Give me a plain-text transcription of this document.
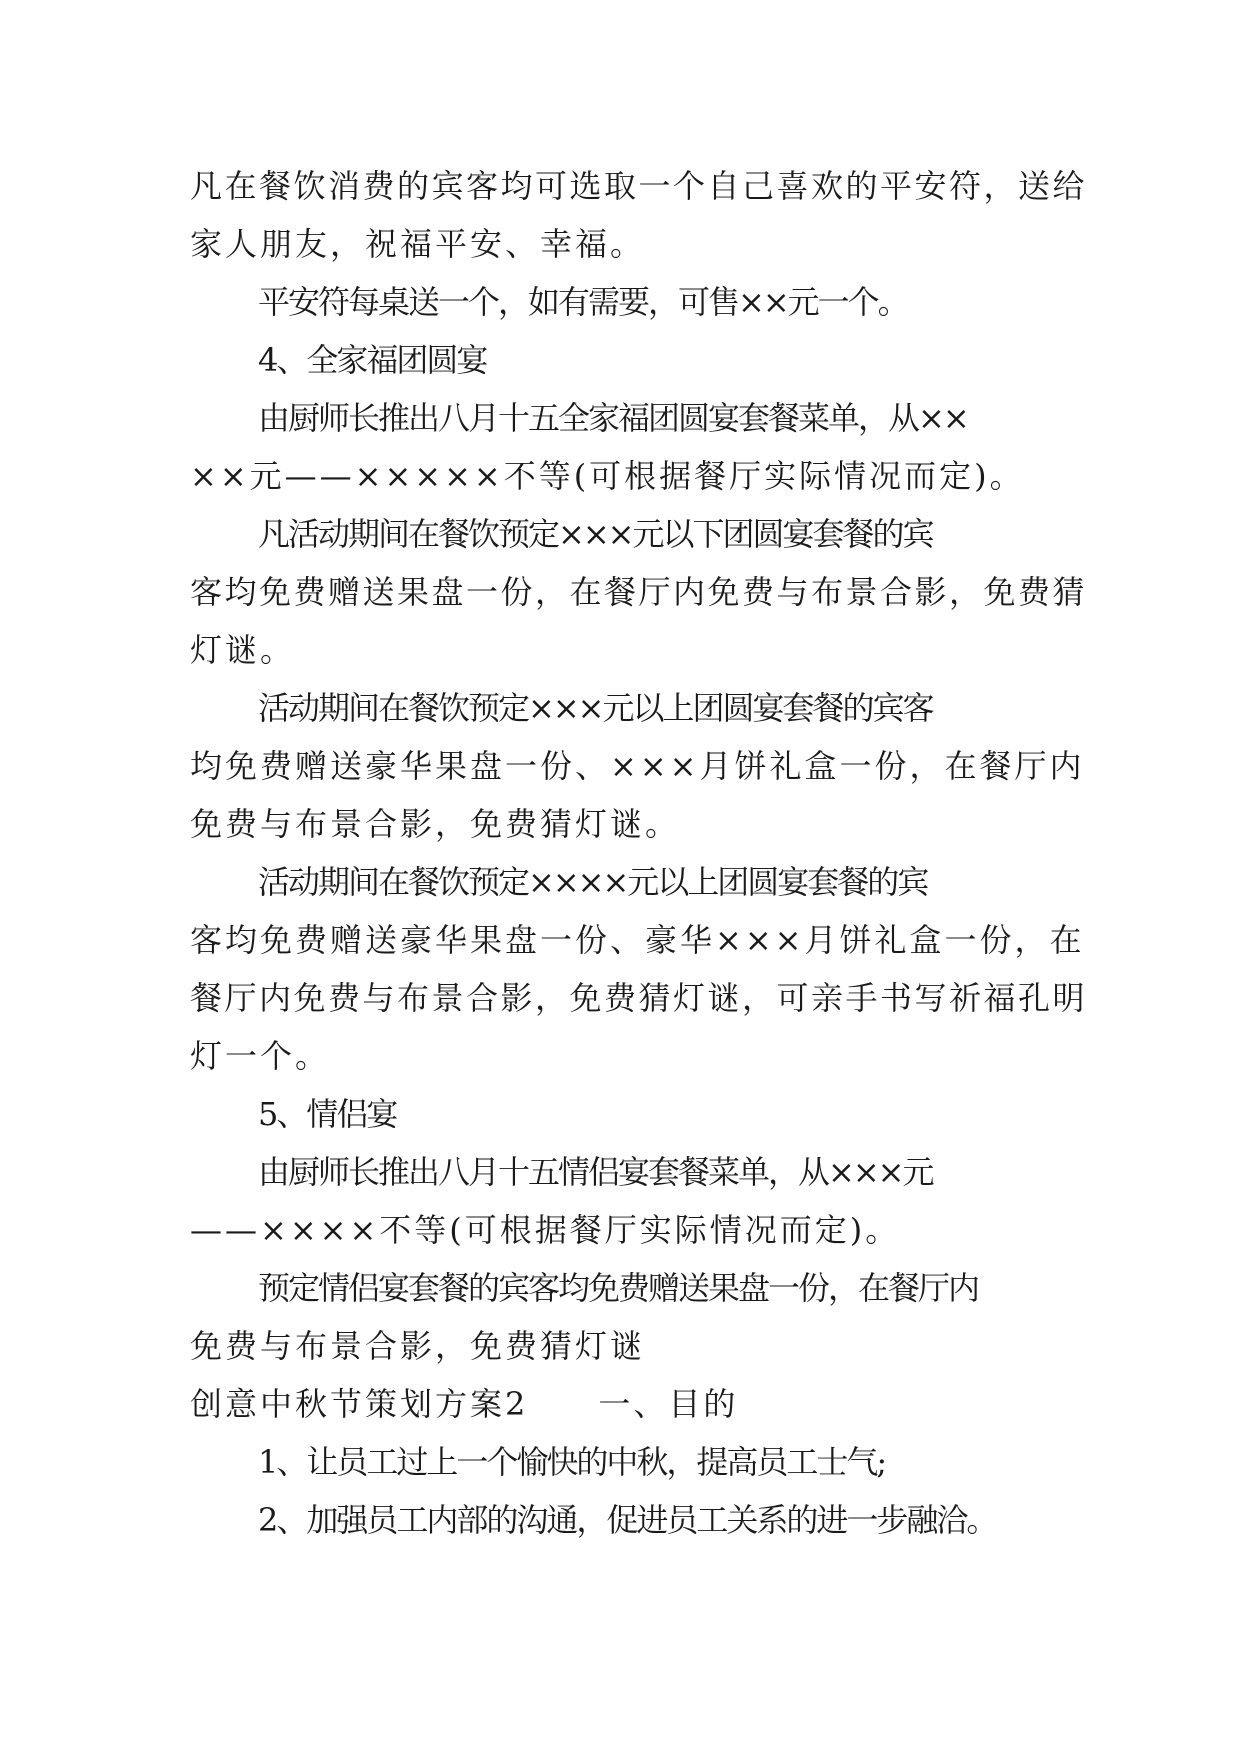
凡在餐饮消费的宾客均可选取一个自己喜欢的平安符，送给
家人朋友，祝福平安、幸福。
平安符每桌送一个，如有需要，可售××元一个。
4、全家福团圆宴
由厨师长推出八月十五全家福团圆宴套餐菜单，从××
××元——×××××不等(可根据餐厅实际情况而定)。
凡活动期间在餐饮预定×××元以下团圆宴套餐的宾
客均免费赠送果盘一份，在餐厅内免费与布景合影，免费猜
灯谜。
活动期间在餐饮预定×××元以上团圆宴套餐的宾客
均免费赠送豪华果盘一份、×××月饼礼盒一份，在餐厅内
免费与布景合影，免费猜灯谜。
活动期间在餐饮预定××××元以上团圆宴套餐的宾
客均免费赠送豪华果盘一份、豪华×××月饼礼盒一份，在
餐厅内免费与布景合影，免费猜灯谜，可亲手书写祈福孔明
灯一个。
5、情侣宴
由厨师长推出八月十五情侣宴套餐菜单，从×××元
——××××不等(可根据餐厅实际情况而定)。
预定情侣宴套餐的宾客均免费赠送果盘一份，在餐厅内
免费与布景合影，免费猜灯谜
创意中秋节策划方案2　　一、目的
1、让员工过上一个愉快的中秋，提高员工士气;
2、加强员工内部的沟通，促进员工关系的进一步融洽。
